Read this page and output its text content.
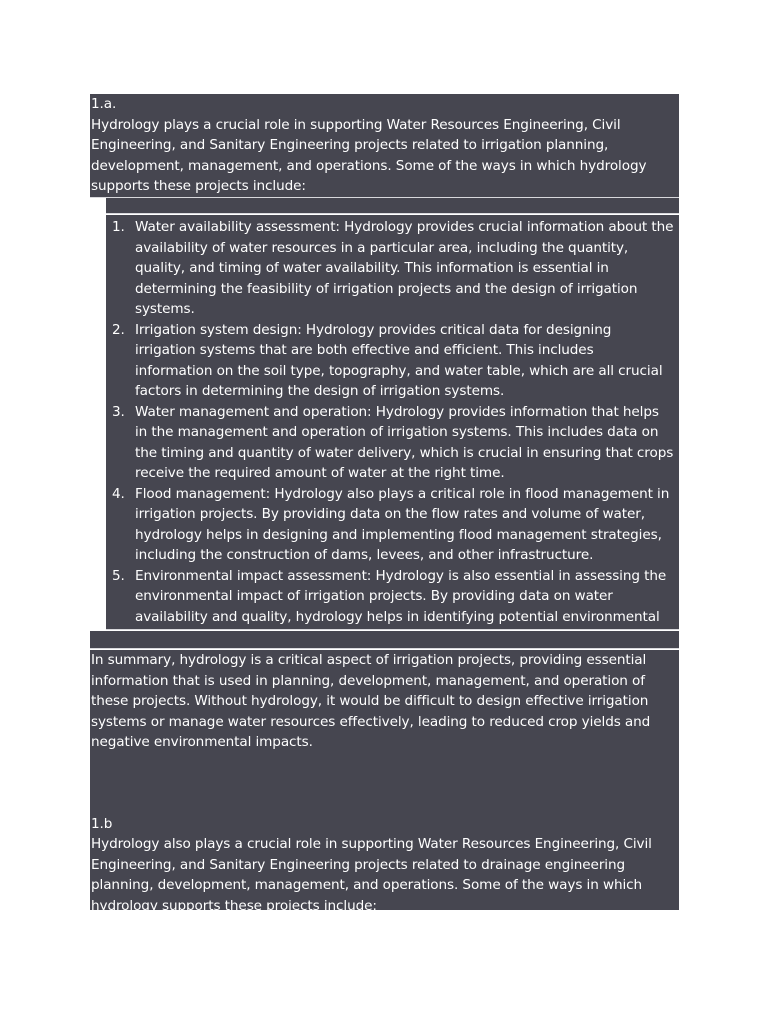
1.a.

Hydrology plays a crucial role in supporting Water Resources Engineering, Civil Engineering, and Sanitary Engineering projects related to irrigation planning, development, management, and operations. Some of the ways in which hydrology supports these projects include:

1. Water availability assessment: Hydrology provides crucial information about the availability of water resources in a particular area, including the quantity, quality, and timing of water availability. This information is essential in determining the feasibility of irrigation projects and the design of irrigation systems.
2. Irrigation system design: Hydrology provides critical data for designing irrigation systems that are both effective and efficient. This includes information on the soil type, topography, and water table, which are all crucial factors in determining the design of irrigation systems.
3. Water management and operation: Hydrology provides information that helps in the management and operation of irrigation systems. This includes data on the timing and quantity of water delivery, which is crucial in ensuring that crops receive the required amount of water at the right time.
4. Flood management: Hydrology also plays a critical role in flood management in irrigation projects. By providing data on the flow rates and volume of water, hydrology helps in designing and implementing flood management strategies, including the construction of dams, levees, and other infrastructure.
5. Environmental impact assessment: Hydrology is also essential in assessing the environmental impact of irrigation projects. By providing data on water availability and quality, hydrology helps in identifying potential environmental

In summary, hydrology is a critical aspect of irrigation projects, providing essential information that is used in planning, development, management, and operation of these projects. Without hydrology, it would be difficult to design effective irrigation systems or manage water resources effectively, leading to reduced crop yields and negative environmental impacts.

1.b

Hydrology also plays a crucial role in supporting Water Resources Engineering, Civil Engineering, and Sanitary Engineering projects related to drainage engineering planning, development, management, and operations. Some of the ways in which hydrology supports these projects include:
